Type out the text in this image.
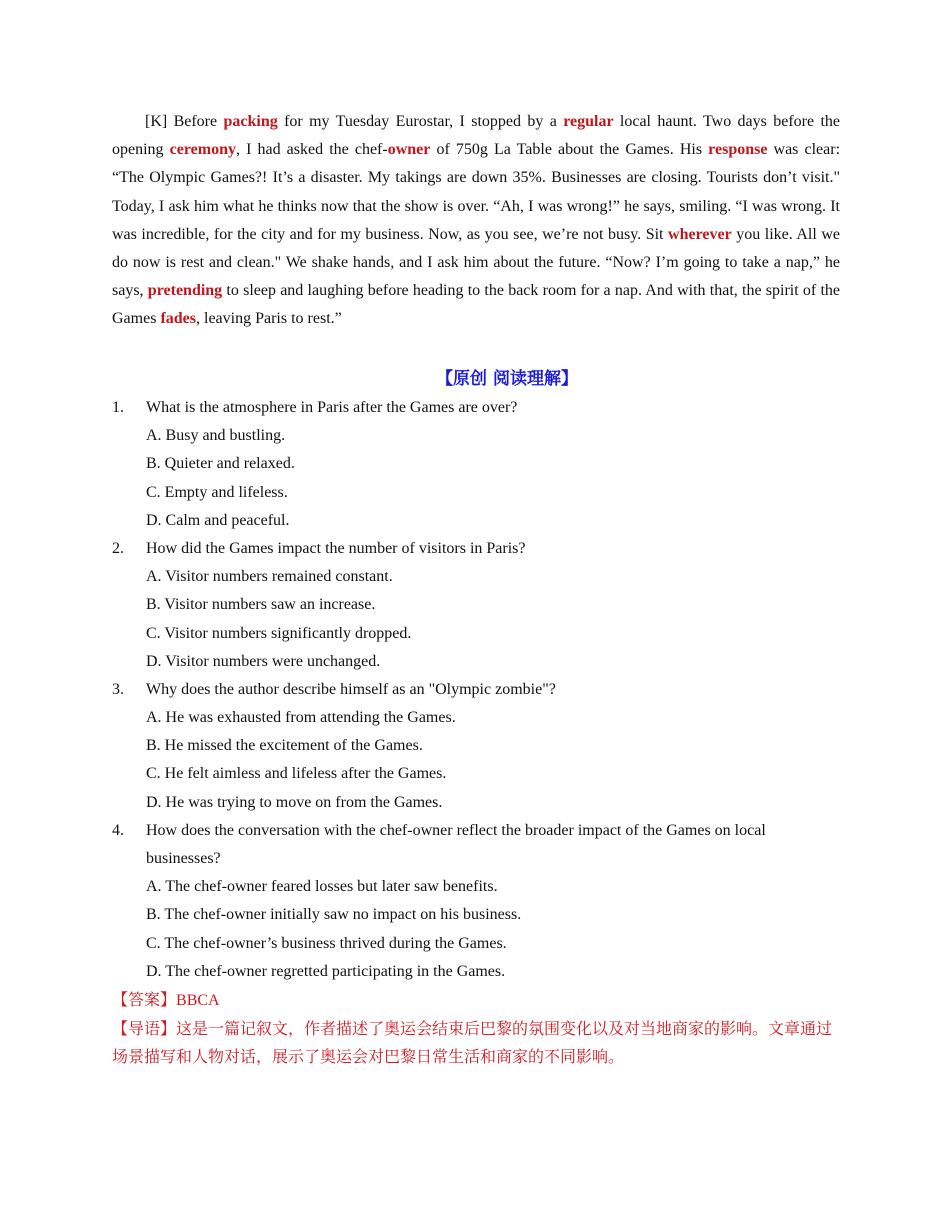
[K] Before packing for my Tuesday Eurostar, I stopped by a regular local haunt. Two days before the opening ceremony, I had asked the chef-owner of 750g La Table about the Games. His response was clear: “The Olympic Games?! It’s a disaster. My takings are down 35%. Businesses are closing. Tourists don’t visit." Today, I ask him what he thinks now that the show is over. “Ah, I was wrong!” he says, smiling. “I was wrong. It was incredible, for the city and for my business. Now, as you see, we’re not busy. Sit wherever you like. All we do now is rest and clean." We shake hands, and I ask him about the future. “Now? I’m going to take a nap,” he says, pretending to sleep and laughing before heading to the back room for a nap. And with that, the spirit of the Games fades, leaving Paris to rest.”

【原创 阅读理解】
1.	What is the atmosphere in Paris after the Games are over?
A. Busy and bustling.
B. Quieter and relaxed.
C. Empty and lifeless.
D. Calm and peaceful.
2.	How did the Games impact the number of visitors in Paris?
A. Visitor numbers remained constant.
B. Visitor numbers saw an increase.
C. Visitor numbers significantly dropped.
D. Visitor numbers were unchanged.
3.	Why does the author describe himself as an "Olympic zombie"?
A. He was exhausted from attending the Games.
B. He missed the excitement of the Games.
C. He felt aimless and lifeless after the Games.
D. He was trying to move on from the Games.
4.	How does the conversation with the chef-owner reflect the broader impact of the Games on local businesses?
A. The chef-owner feared losses but later saw benefits.
B. The chef-owner initially saw no impact on his business.
C. The chef-owner’s business thrived during the Games.
D. The chef-owner regretted participating in the Games.
【答案】BBCA
【导语】这是一篇记叙文，作者描述了奥运会结束后巴黎的氛围变化以及对当地商家的影响。文章通过场景描写和人物对话，展示了奥运会对巴黎日常生活和商家的不同影响。
